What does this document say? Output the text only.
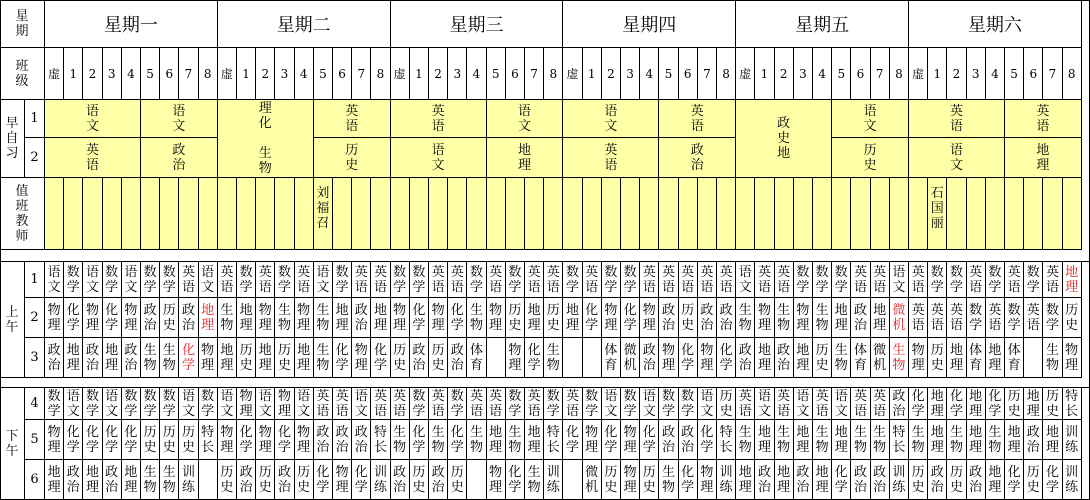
星
期
班
级
星期一
虚 1 2 3 4 5 6 7 8
星期二
虚 1 2 3 4 5 6 7 8
星期三
虚 1 2 3 4 5 6 7 8
星期四
虚 1 2 3 4 5 6 7 8
星期五
虚 1 2 3 4 5 6 7 8
星期六
虚 1 2 3 4 5 6 7 8
早
自
习
1
2
语
文
英
语
语
文
政
治
理
化

生
物
英
语
历
史
英
语
语
文
语
文
地
理
语
文
英
语
英
语
政
治
政
史
地
语
文
历
史
英
语
语
文
英
语
地
理
值
班
教
师
刘
福
召
石
国
丽
上
午
1 语
文
数
学
语
文
数
学
语
文
数
学
数
学
英
语
语
文
英
语
数
学
英
语
数
学
英
语
语
文
数
学
英
语
英
语
数
学
数
学
英
语
英
语
数
学
英
语
数
学
英
语
英
语
数
学
英
语
数
学
数
学
英
语
英
语
英
语
英
语
英
语
语
文
英
语
英
语
数
学
数
学
数
学
英
语
英
语
语
文
英
语
数
学
数
学
英
语
数
学
英
语
数
学
英
语
地
理
2 物
理
化
学
物
理
化
学
物
理
政
治
历
史
政
治
地
理
生
物
地
理
物
理
生
物
物
理
生
物
地
理
政
治
地
理
物
理
化
学
物
理
化
学
生
物
物
理
历
史
地
理
历
史
地
理
化
学
物
理
化
学
物
理
政
治
历
史
政
治
政
治
生
物
物
理
生
物
物
理
生
物
地
理
政
治
地
理
微
机
英
语
英
语
英
语
数
学
英
语
数
学
英
语
数
学
历
史
3 政
治
地
理
政
治
地
理
政
治
生
物
生
物
化
学
物
理
地
理
历
史
地
理
历
史
地
理
生
物
化
学
物
理
化
学
历
史
政
治
历
史
政
治
体
育
物
理
化
学
生
物
体
育
微
机
政
治
物
理
化
学
物
理
化
学
政
治
地
理
政
治
地
理
历
史
生
物
体
育
微
机
生
物
物
理
历
史
地
理
体
育
地
理
体
育
生
物
物
理
下
午
4 数
学
语
文
数
学
语
文
数
学
数
学
数
学
语
文
数
学
语
文
物
理
语
文
物
理
语
文
英
语
英
语
语
文
英
语
英
语
数
学
英
语
数
学
英
语
英
语
数
学
英
语
数
学
英
语
数
学
语
文
数
学
语
文
数
学
数
学
语
文
历
史
英
语
语
文
英
语
语
文
英
语
语
文
英
语
英
语
政
治
化
学
地
理
化
学
地
理
化
学
历
史
地
理
历
史
特
长
5 物
理
化
学
化
学
化
学
化
学
历
史
历
史
历
史
特
长
物
理
化
学
物
理
化
学
物
理
政
治
政
治
政
治
特
长
生
物
化
学
生
物
化
学
生
物
地
理
生
物
地
理
特
长
化
学
物
理
化
学
物
理
化
学
政
治
政
治
化
学
特
长
生
物
地
理
生
物
地
理
生
物
地
理
生
物
生
物
特
长
生
物
地
理
生
物
地
理
生
物
地
理
政
治
地
理
训
练
6 地
理
政
治
地
理
政
治
地
理
生
物
生
物
训
练
历
史
政
治
历
史
政
治
历
史
化
学
物
理
化
学
训
练
政
治
历
史
政
治
历
史
物
理
化
学
生
物
训
练
微
机
历
史
物
理
历
史
生
物
化
学
物
理
训
练
地
理
政
治
地
理
政
治
地
理
化
学
政
治
政
治
训
练
历
史
政
治
历
史
政
治
地
理
化
学
历
史
化
学
训
练
